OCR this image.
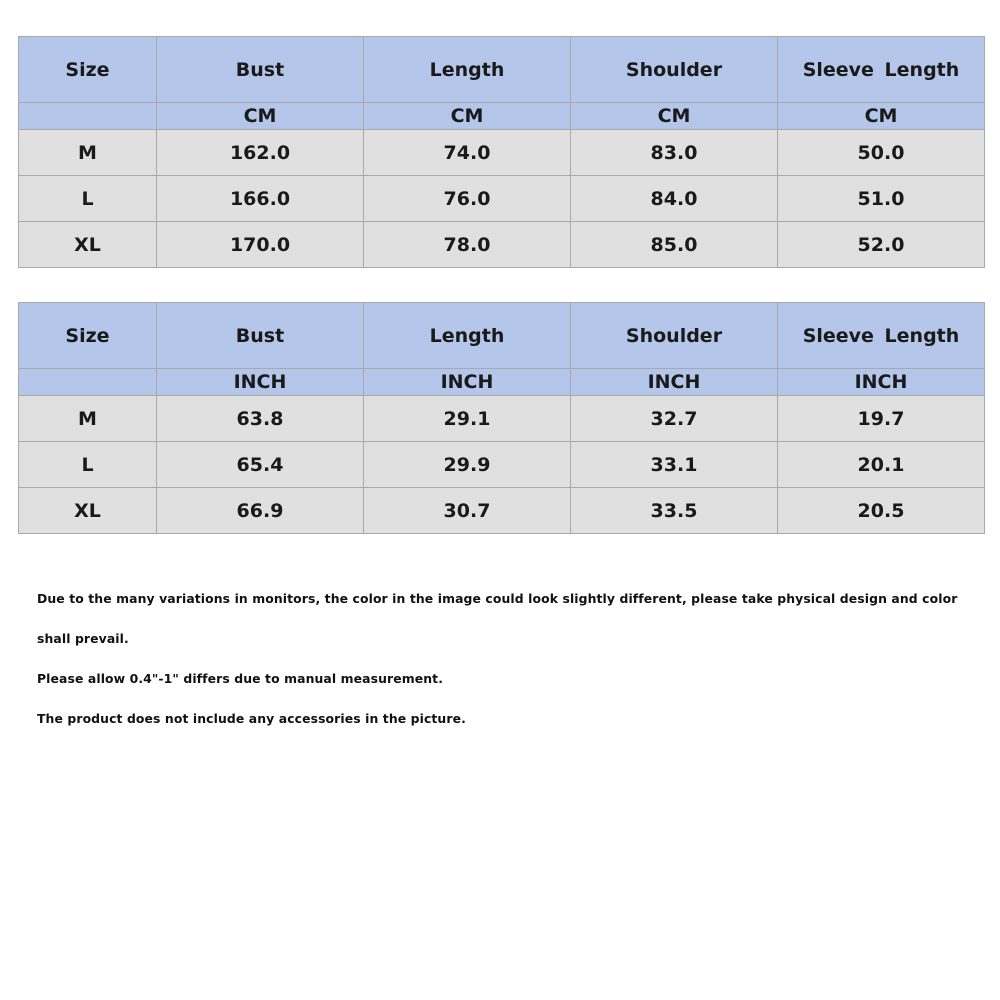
Size	Bust	Length	Shoulder	Sleeve Length
	CM	CM	CM	CM
M	162.0	74.0	83.0	50.0
L	166.0	76.0	84.0	51.0
XL	170.0	78.0	85.0	52.0
Size	Bust	Length	Shoulder	Sleeve Length
	INCH	INCH	INCH	INCH
M	63.8	29.1	32.7	19.7
L	65.4	29.9	33.1	20.1
XL	66.9	30.7	33.5	20.5

Due to the many variations in monitors, the color in the image could look slightly different, please take physical design and color

shall prevail.

Please allow 0.4"-1" differs due to manual measurement.

The product does not include any accessories in the picture.
